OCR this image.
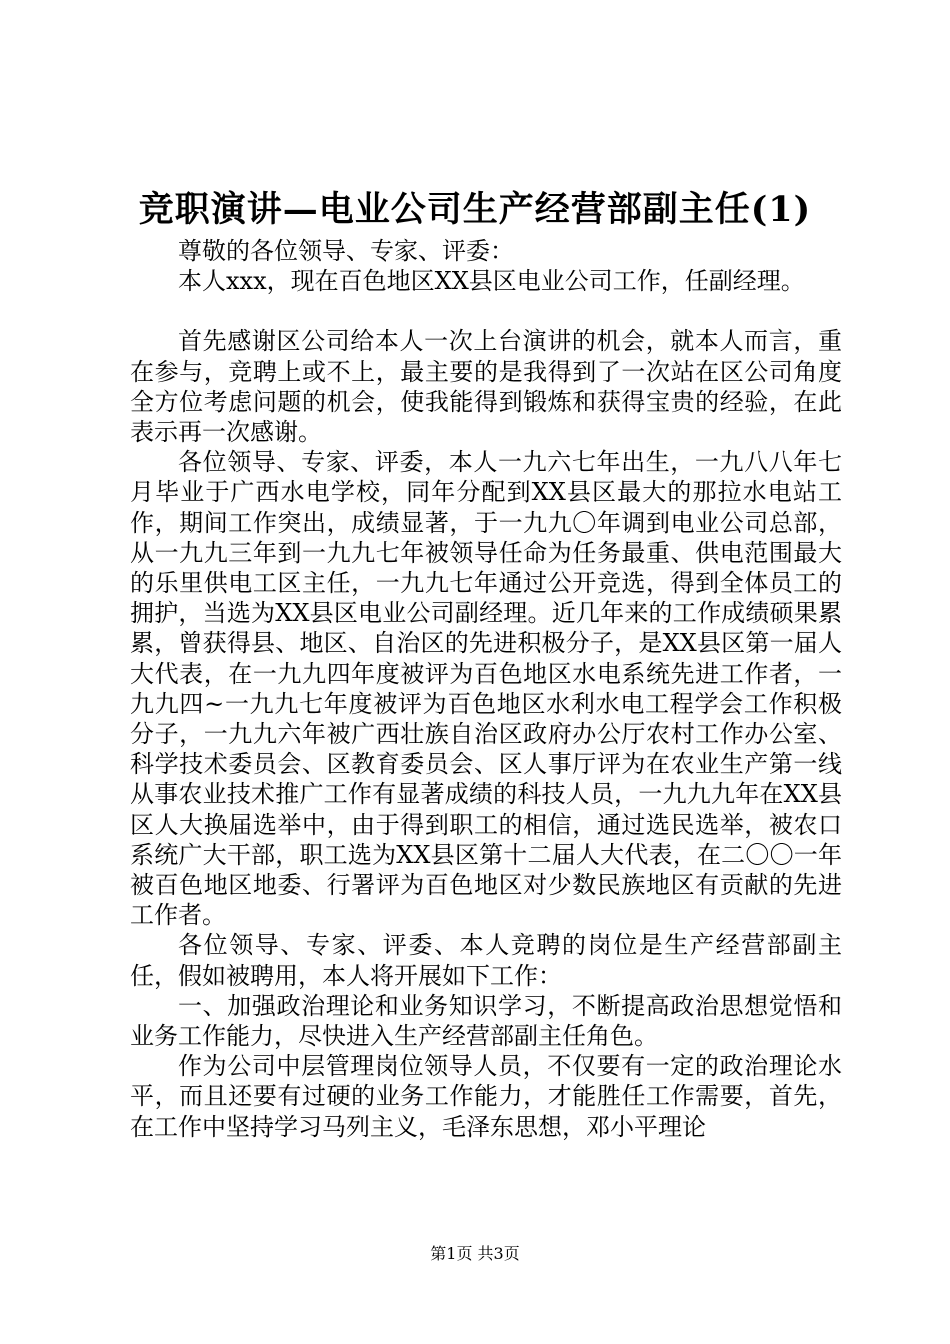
竞职演讲—电业公司生产经营部副主任(1)

尊敬的各位领导、专家、评委：

本人xxx，现在百色地区XX县区电业公司工作，任副经理。

首先感谢区公司给本人一次上台演讲的机会，就本人而言，重在参与，竞聘上或不上，最主要的是我得到了一次站在区公司角度全方位考虑问题的机会，使我能得到锻炼和获得宝贵的经验，在此表示再一次感谢。

各位领导、专家、评委，本人一九六七年出生，一九八八年七月毕业于广西水电学校，同年分配到XX县区最大的那拉水电站工作，期间工作突出，成绩显著，于一九九〇年调到电业公司总部，从一九九三年到一九九七年被领导任命为任务最重、供电范围最大的乐里供电工区主任，一九九七年通过公开竞选，得到全体员工的拥护，当选为XX县区电业公司副经理。近几年来的工作成绩硕果累累，曾获得县、地区、自治区的先进积极分子，是XX县区第一届人大代表，在一九九四年度被评为百色地区水电系统先进工作者，一九九四~一九九七年度被评为百色地区水利水电工程学会工作积极分子，一九九六年被广西壮族自治区政府办公厅农村工作办公室、科学技术委员会、区教育委员会、区人事厅评为在农业生产第一线从事农业技术推广工作有显著成绩的科技人员，一九九九年在XX县区人大换届选举中，由于得到职工的相信，通过选民选举，被农口系统广大干部，职工选为XX县区第十二届人大代表，在二〇〇一年被百色地区地委、行署评为百色地区对少数民族地区有贡献的先进工作者。

各位领导、专家、评委、本人竞聘的岗位是生产经营部副主任，假如被聘用，本人将开展如下工作：

一、加强政治理论和业务知识学习，不断提高政治思想觉悟和业务工作能力，尽快进入生产经营部副主任角色。

作为公司中层管理岗位领导人员，不仅要有一定的政治理论水平，而且还要有过硬的业务工作能力，才能胜任工作需要，首先，在工作中坚持学习马列主义，毛泽东思想，邓小平理论

第1页 共3页
